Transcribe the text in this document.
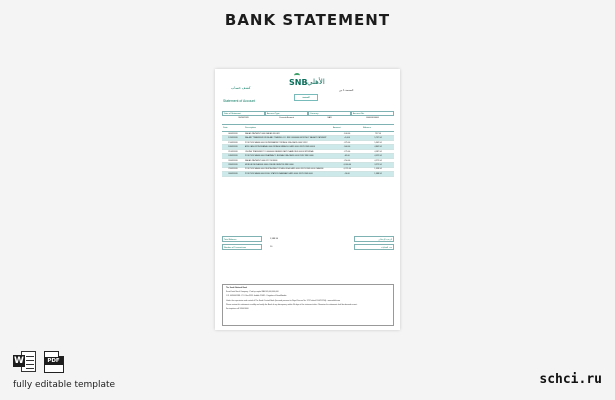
BANK STATEMENT
SNB الأهلي
كشف حساب
الصفحة 1 من
الصفحة
Statement of Account
Date of Statement	Account Type	Currency	Account No.
30/06/2020	Current Account	SAR	00000000000
Date	Description	Amount	Balance
06/03/2020	SADAD PAYMENT 0000 SADAD BILLER	-100.00	737.94
12/03/2020	SALARY TRANSFER FROM ABC TRADING CO. REF 00000000 MONTHLY SALARY PAYMENT	+5,000	5,737.94
15/03/2020	POS PURCHASE 0000 SUPERMARKET RIYADH KSA CARD 0000 XXXX	-375.00	5,362.94
18/03/2020	ATM CASH WITHDRAWAL 0000 RIYADH BRANCH CARD 0000 XXXX REF 00000	-500.00	4,862.94
21/03/2020	ONLINE TRANSFER TO 00000000 BENEFICIARY NAME REF 00000 INTERNAL	-275.00	4,587.94
24/03/2020	POS PURCHASE 0000 PHARMACY JEDDAH KSA CARD 0000 XXXX REF 0000	-65.00	4,522.94
26/03/2020	SADAD PAYMENT 0000 STC MOBILE	-250.00	4,272.94
28/03/2020	MOBILE RECHARGE 0000 ONLINE SERVICE REF 0000	-1,000.00	3,272.94
29/03/2020	POS PURCHASE 0000 RESTAURANT RIYADH KSA CARD 0000 XXXX REF 0000 CHARGE	-1,274.00	1,998.94
30/03/2020	POS PURCHASE 0000 FUEL STATION DAMMAM CARD 0000 XXXX REF 0000	-10.00	1,988.94
Total Balance	1,988.94	الرصيد الإجمالي
Number of Transactions	10	عدد العمليات

The Saudi National Bank

Saudi Joint Stock Company - Paid up capital SAR 45,000,000,000

C.R. 4030001588 - P.O. Box 3555 Jeddah 21481 - Kingdom of Saudi Arabia

Under the supervision and control of The Saudi Central Bank (licensed pursuant to Royal Decree No. 3737 dated 20/4/1373H) - www.alahli.com

Please review this statement carefully and notify the Bank of any discrepancy within 30 days of the statement date. Otherwise the statement shall be deemed correct.

For inquiries call 920001000

W	PDF
fully editable template	schci.ru
